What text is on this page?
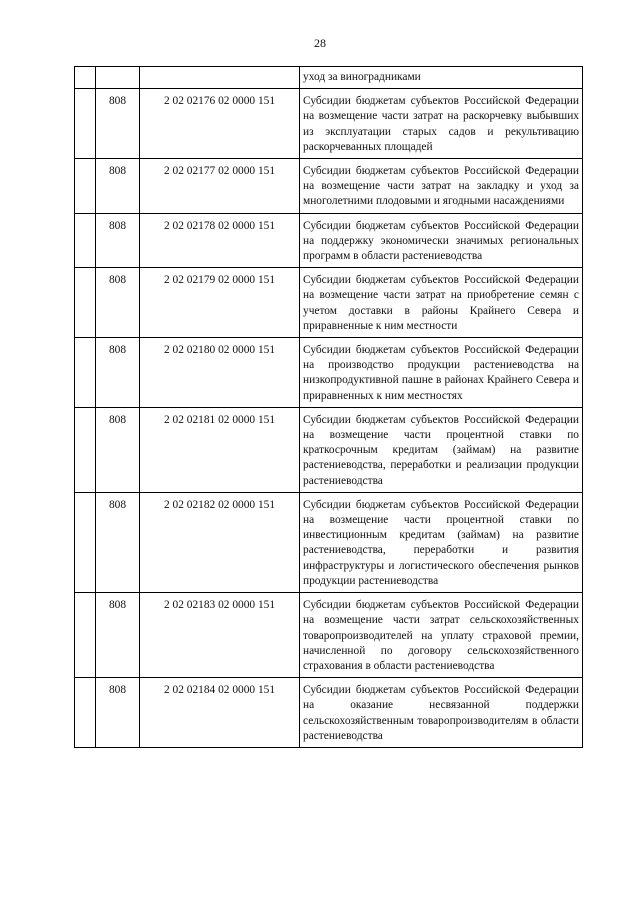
28
			уход за виноградниками
	808	2 02 02176 02 0000 151	Субсидии бюджетам субъектов Российской Федерации на возмещение части затрат на раскорчевку выбывших из эксплуатации старых садов и рекультивацию раскорчеванных площадей
	808	2 02 02177 02 0000 151	Субсидии бюджетам субъектов Российской Федерации на возмещение части затрат на закладку и уход за многолетними плодовыми и ягодными насаждениями
	808	2 02 02178 02 0000 151	Субсидии бюджетам субъектов Российской Федерации на поддержку экономически значимых региональных программ в области растениеводства
	808	2 02 02179 02 0000 151	Субсидии бюджетам субъектов Российской Федерации на возмещение части затрат на приобретение семян с учетом доставки в районы Крайнего Севера и приравненные к ним местности
	808	2 02 02180 02 0000 151	Субсидии бюджетам субъектов Российской Федерации на производство продукции растениеводства на низкопродуктивной пашне в районах Крайнего Севера и приравненных к ним местностях
	808	2 02 02181 02 0000 151	Субсидии бюджетам субъектов Российской Федерации на возмещение части процентной ставки по краткосрочным кредитам (займам) на развитие растениеводства, переработки и реализации продукции растениеводства
	808	2 02 02182 02 0000 151	Субсидии бюджетам субъектов Российской Федерации на возмещение части процентной ставки по инвестиционным кредитам (займам) на развитие растениеводства, переработки и развития инфраструктуры и логистического обеспечения рынков продукции растениеводства
	808	2 02 02183 02 0000 151	Субсидии бюджетам субъектов Российской Федерации на возмещение части затрат сельскохозяйственных товаропроизводителей на уплату страховой премии, начисленной по договору сельскохозяйственного страхования в области растениеводства
	808	2 02 02184 02 0000 151	Субсидии бюджетам субъектов Российской Федерации на оказание несвязанной поддержки сельскохозяйственным товаропроизводителям в области растениеводства
